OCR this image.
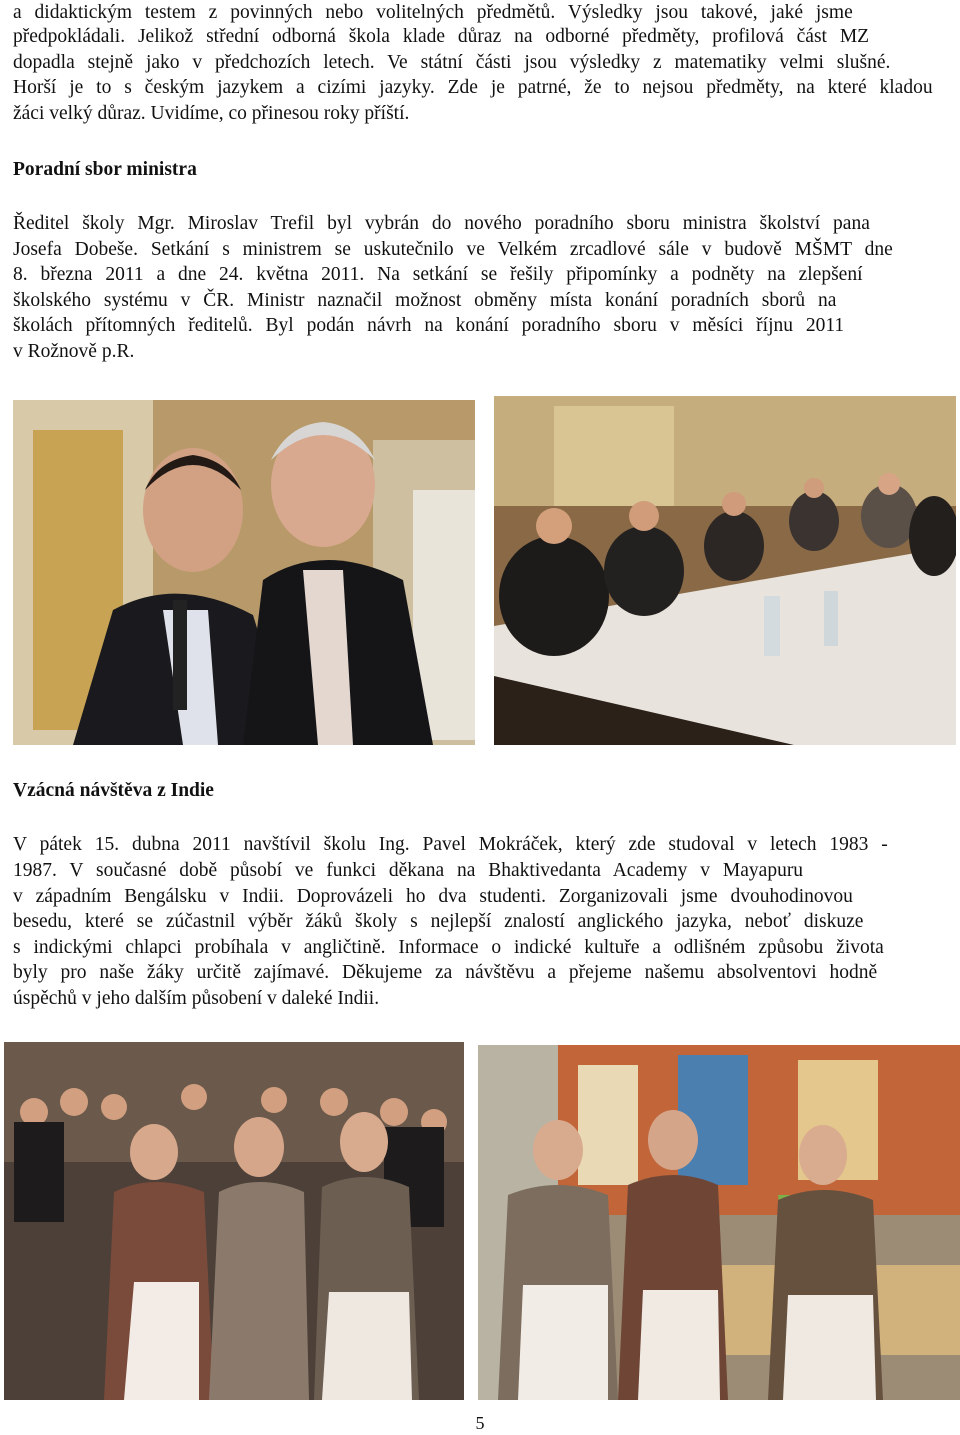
a didaktickým testem z povinných nebo volitelných předmětů. Výsledky jsou takové, jaké jsme
předpokládali. Jelikož střední odborná škola klade důraz na odborné předměty, profilová část MZ
dopadla stejně jako v předchozích letech. Ve státní části jsou výsledky z matematiky velmi slušné.
Horší je to s českým jazykem a cizími jazyky. Zde je patrné, že to nejsou předměty, na které kladou
žáci velký důraz. Uvidíme, co přinesou roky příští.
Poradní sbor ministra
Ředitel školy Mgr. Miroslav Trefil byl vybrán do nového poradního sboru ministra školství pana
Josefa Dobeše. Setkání s ministrem se uskutečnilo ve Velkém zrcadlové sále v budově MŠMT dne
8. března 2011 a dne 24. května 2011. Na setkání se řešily připomínky a podněty na zlepšení
školského systému v ČR. Ministr naznačil možnost obměny místa konání poradních sborů na
školách přítomných ředitelů. Byl podán návrh na konání poradního sboru v měsíci říjnu 2011
v Rožnově p.R.
Vzácná návštěva z Indie
V pátek 15. dubna 2011 navštívil školu Ing. Pavel Mokráček, který zde studoval v letech 1983 -
1987. V současné době působí ve funkci děkana na Bhaktivedanta Academy v Mayapuru
v západním Bengálsku v Indii. Doprovázeli ho dva studenti. Zorganizovali jsme dvouhodinovou
besedu, které se zúčastnil výběr žáků školy s nejlepší znalostí anglického jazyka, neboť diskuze
s indickými chlapci probíhala v angličtině. Informace o indické kultuře a odlišném způsobu života
byly pro naše žáky určitě zajímavé. Děkujeme za návštěvu a přejeme našemu absolventovi hodně
úspěchů v jeho dalším působení v daleké Indii.
5
